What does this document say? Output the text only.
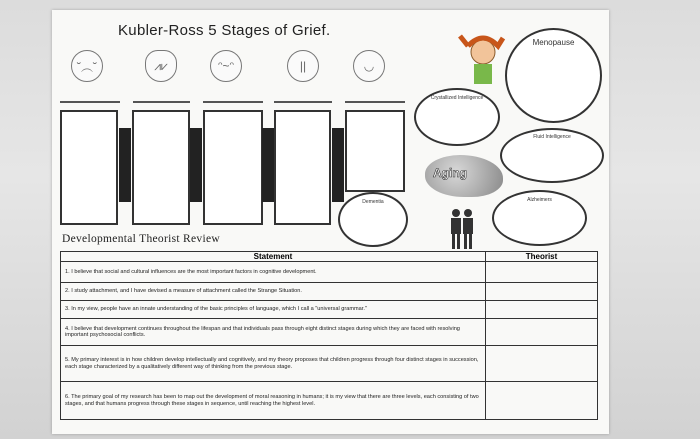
Kubler-Ross 5 Stages of Grief.
˘︵˘	⩘⩗	ᵔ~ᵔ	||	◡
Dementia
Crystallized Intelligence
Menopause
Fluid Intelligence
Alzheimers
Aging
Developmental Theorist Review
Statement	Theorist
1. I believe that social and cultural influences are the most important factors in cognitive development.	
2. I study attachment, and I have devised a measure of attachment called the Strange Situation.	
3. In my view, people have an innate understanding of the basic principles of language, which I call a "universal grammar."	
4. I believe that development continues throughout the lifespan and that individuals pass through eight distinct stages during which they are faced with resolving important psychosocial conflicts.	
5. My primary interest is in how children develop intellectually and cognitively, and my theory proposes that children progress through four distinct stages in succession, each stage characterized by a qualitatively different way of thinking from the previous stage.	
6. The primary goal of my research has been to map out the development of moral reasoning in humans; it is my view that there are three levels, each consisting of two stages, and that humans progress through these stages in sequence, until reaching the highest level.	
